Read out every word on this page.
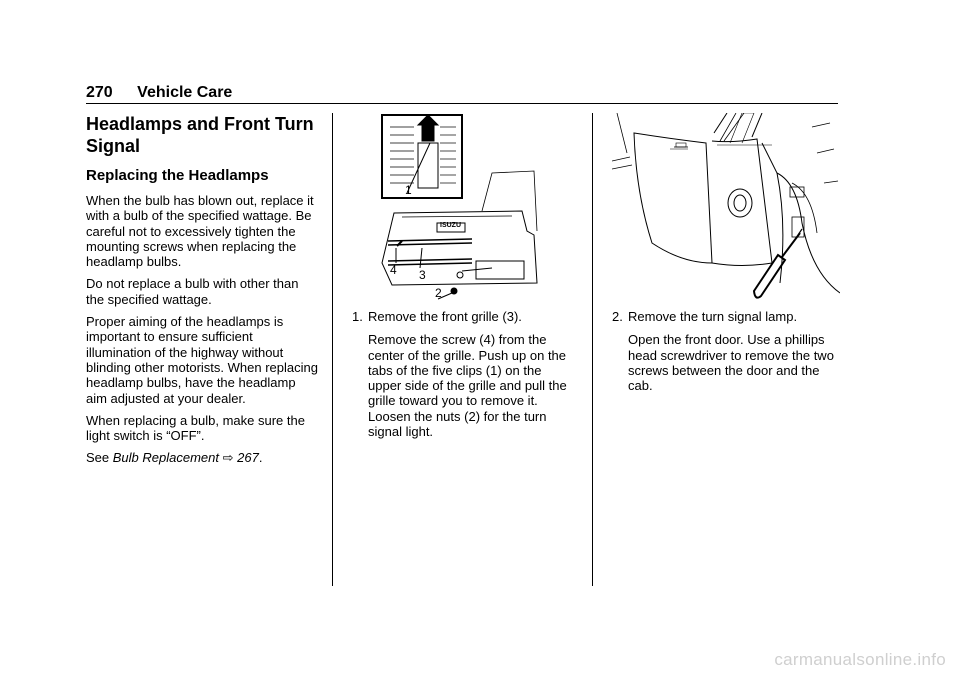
270 Vehicle Care
Headlamps and Front Turn Signal
Replacing the Headlamps

When the bulb has blown out, replace it with a bulb of the specified wattage. Be careful not to excessively tighten the mounting screws when replacing the headlamp bulbs.

Do not replace a bulb with other than the specified wattage.

Proper aiming of the headlamps is important to ensure sufficient illumination of the highway without blinding other motorists. When replacing headlamp bulbs, have the headlamp aim adjusted at your dealer.

When replacing a bulb, make sure the light switch is “OFF”.

See Bulb Replacement ⇨ 267.

1
2
3
4
ISUZU
1. Remove the front grille (3).
Remove the screw (4) from the center of the grille. Push up on the tabs of the five clips (1) on the upper side of the grille and pull the grille toward you to remove it. Loosen the nuts (2) for the turn signal light.
2. Remove the turn signal lamp.
Open the front door. Use a phillips head screwdriver to remove the two screws between the door and the cab.
carmanualsonline.info
